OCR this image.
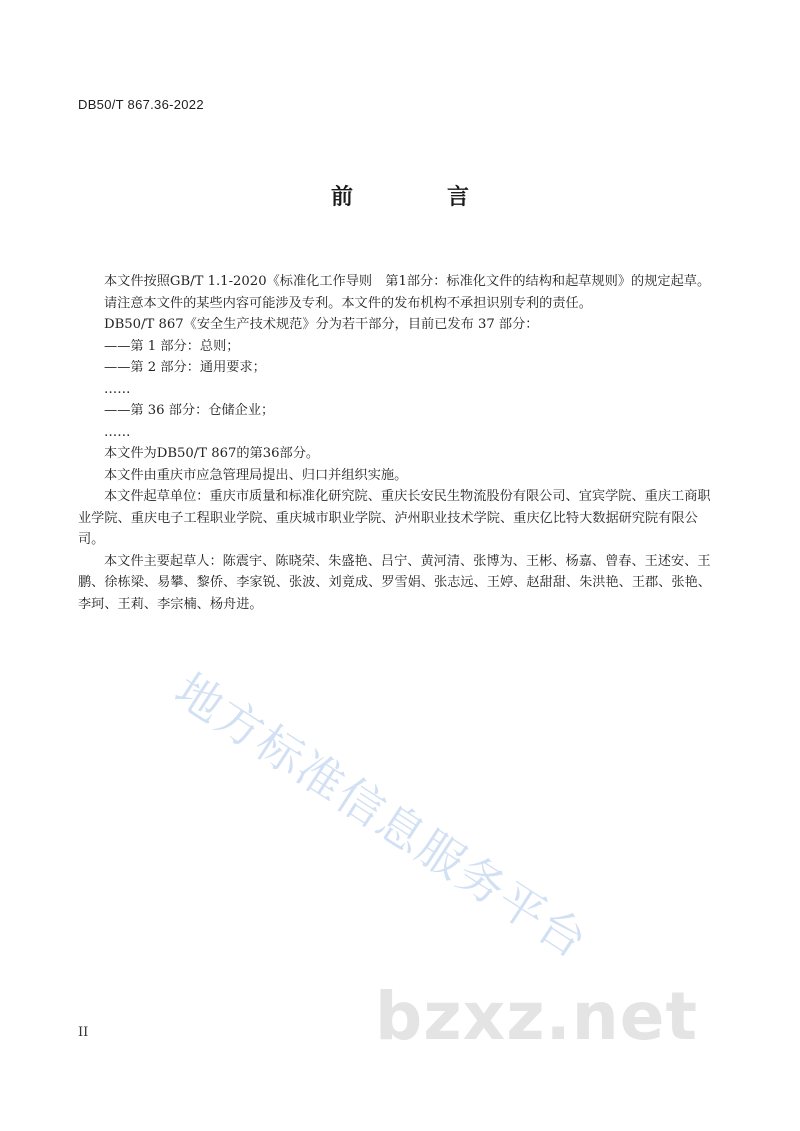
DB50/T 867.36-2022
前　言

本文件按照GB/T 1.1-2020《标准化工作导则　第1部分：标准化文件的结构和起草规则》的规定起草。

请注意本文件的某些内容可能涉及专利。本文件的发布机构不承担识别专利的责任。

DB50/T 867《安全生产技术规范》分为若干部分，目前已发布 37 部分：

——第 1 部分：总则；

——第 2 部分：通用要求；

……

——第 36 部分：仓储企业；

……

本文件为DB50/T 867的第36部分。

本文件由重庆市应急管理局提出、归口并组织实施。

本文件起草单位：重庆市质量和标准化研究院、重庆长安民生物流股份有限公司、宜宾学院、重庆工商职业学院、重庆电子工程职业学院、重庆城市职业学院、泸州职业技术学院、重庆亿比特大数据研究院有限公司。

本文件主要起草人：陈震宇、陈晓荣、朱盛艳、吕宁、黄河清、张博为、王彬、杨嘉、曾春、王述安、王鹏、徐栋梁、易攀、黎侨、李家锐、张波、刘竟成、罗雪娟、张志远、王婷、赵甜甜、朱洪艳、王郡、张艳、李珂、王莉、李宗楠、杨舟进。

地方标准信息服务平台
bzxz.net
II
